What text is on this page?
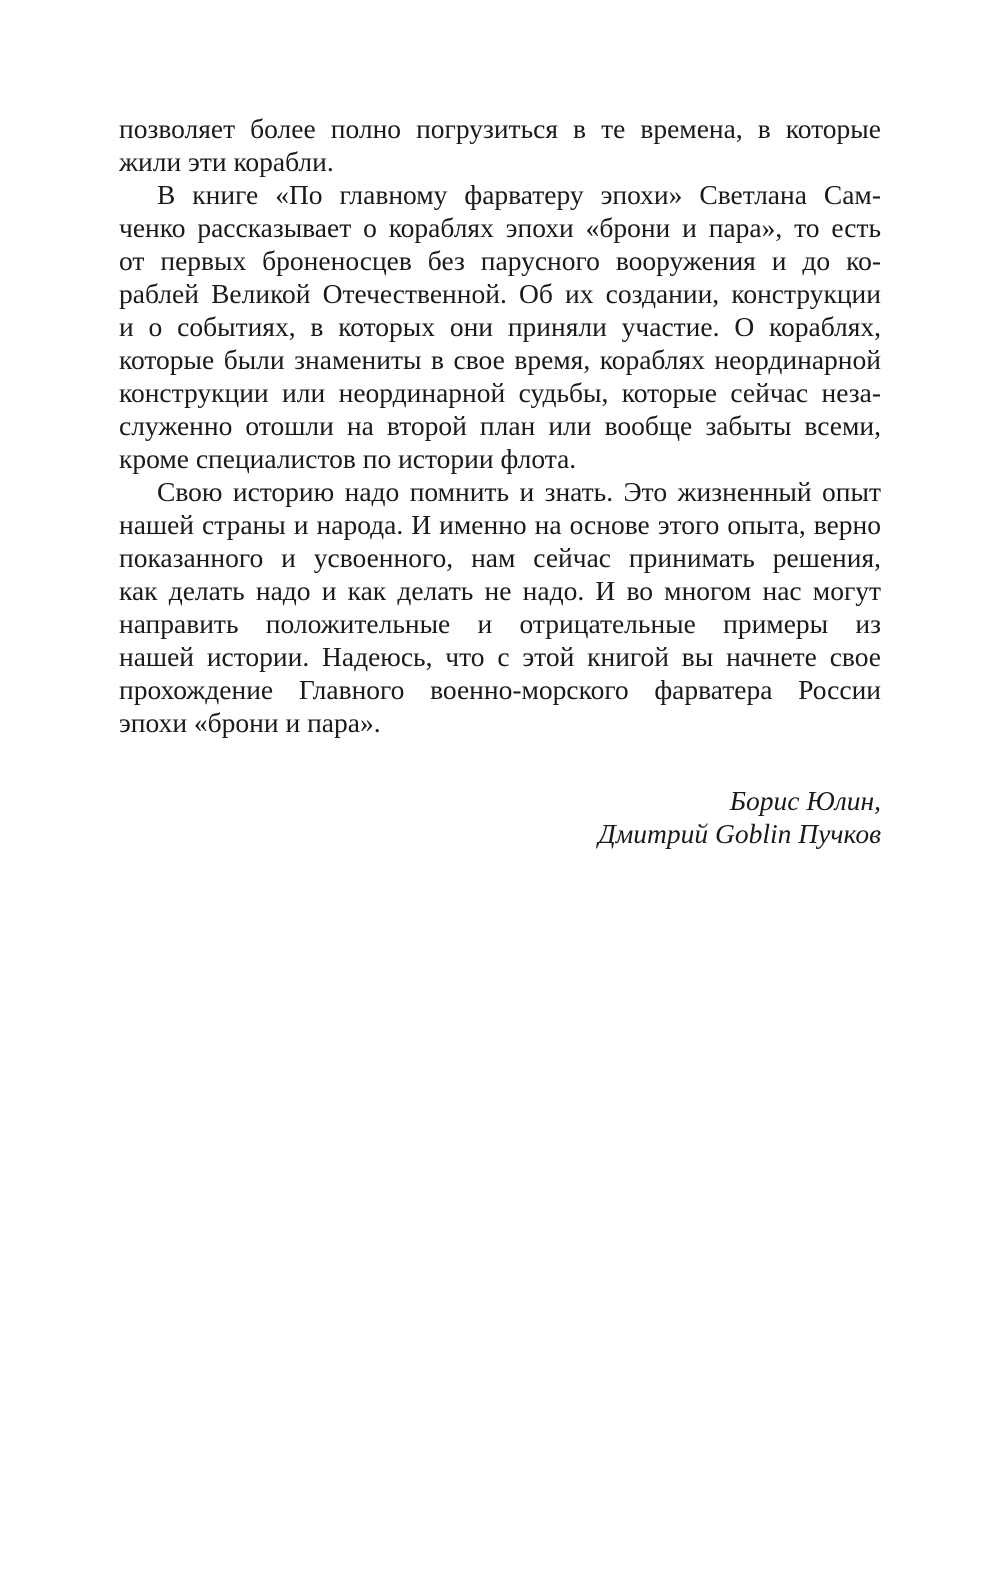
позволяет более полно погрузиться в те времена, в которые
жили эти корабли.
В книге «По главному фарватеру эпохи» Светлана Сам-
ченко рассказывает о кораблях эпохи «брони и пара», то есть
от первых броненосцев без парусного вооружения и до ко-
раблей Великой Отечественной. Об их создании, конструкции
и о событиях, в которых они приняли участие. О кораблях,
которые были знамениты в свое время, кораблях неординарной
конструкции или неординарной судьбы, которые сейчас неза-
служенно отошли на второй план или вообще забыты всеми,
кроме специалистов по истории флота.
Свою историю надо помнить и знать. Это жизненный опыт
нашей страны и народа. И именно на основе этого опыта, верно
показанного и усвоенного, нам сейчас принимать решения,
как делать надо и как делать не надо. И во многом нас могут
направить положительные и отрицательные примеры из
нашей истории. Надеюсь, что с этой книгой вы начнете свое
прохождение Главного военно-морского фарватера России
эпохи «брони и пара».
Борис Юлин,
Дмитрий Goblin Пучков
